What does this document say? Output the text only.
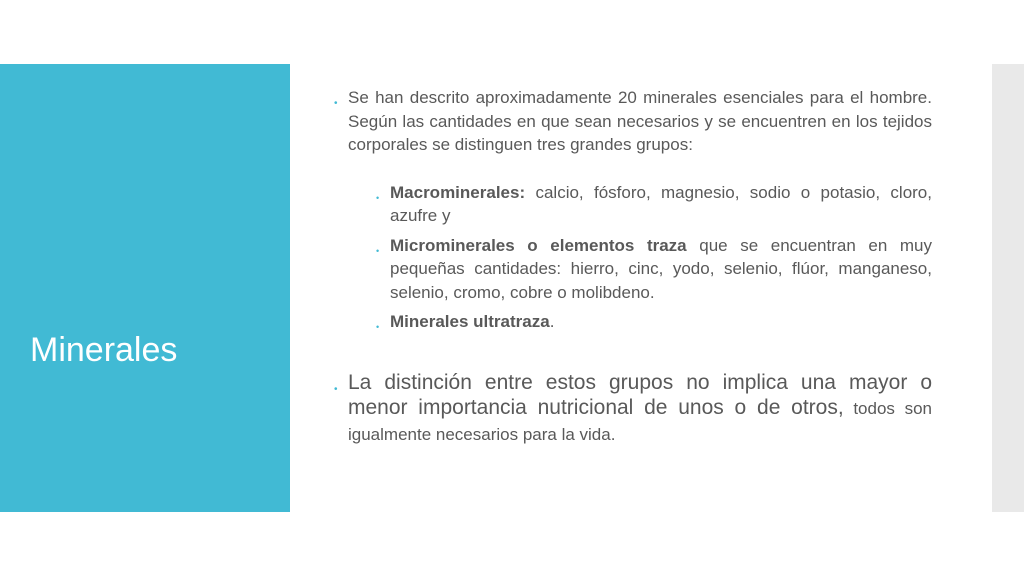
Minerales
• Se han descrito aproximadamente 20 minerales esenciales para el hombre. Según las cantidades en que sean necesarios y se encuentren en los tejidos corporales se distinguen tres grandes grupos:
• Macrominerales: calcio, fósforo, magnesio, sodio o potasio, cloro, azufre y
• Microminerales o elementos traza que se encuentran en muy pequeñas cantidades: hierro, cinc, yodo, selenio, flúor, manganeso, selenio, cromo, cobre o molibdeno.
• Minerales ultratraza.
• La distinción entre estos grupos no implica una mayor o menor importancia nutricional de unos o de otros, todos son igualmente necesarios para la vida.
